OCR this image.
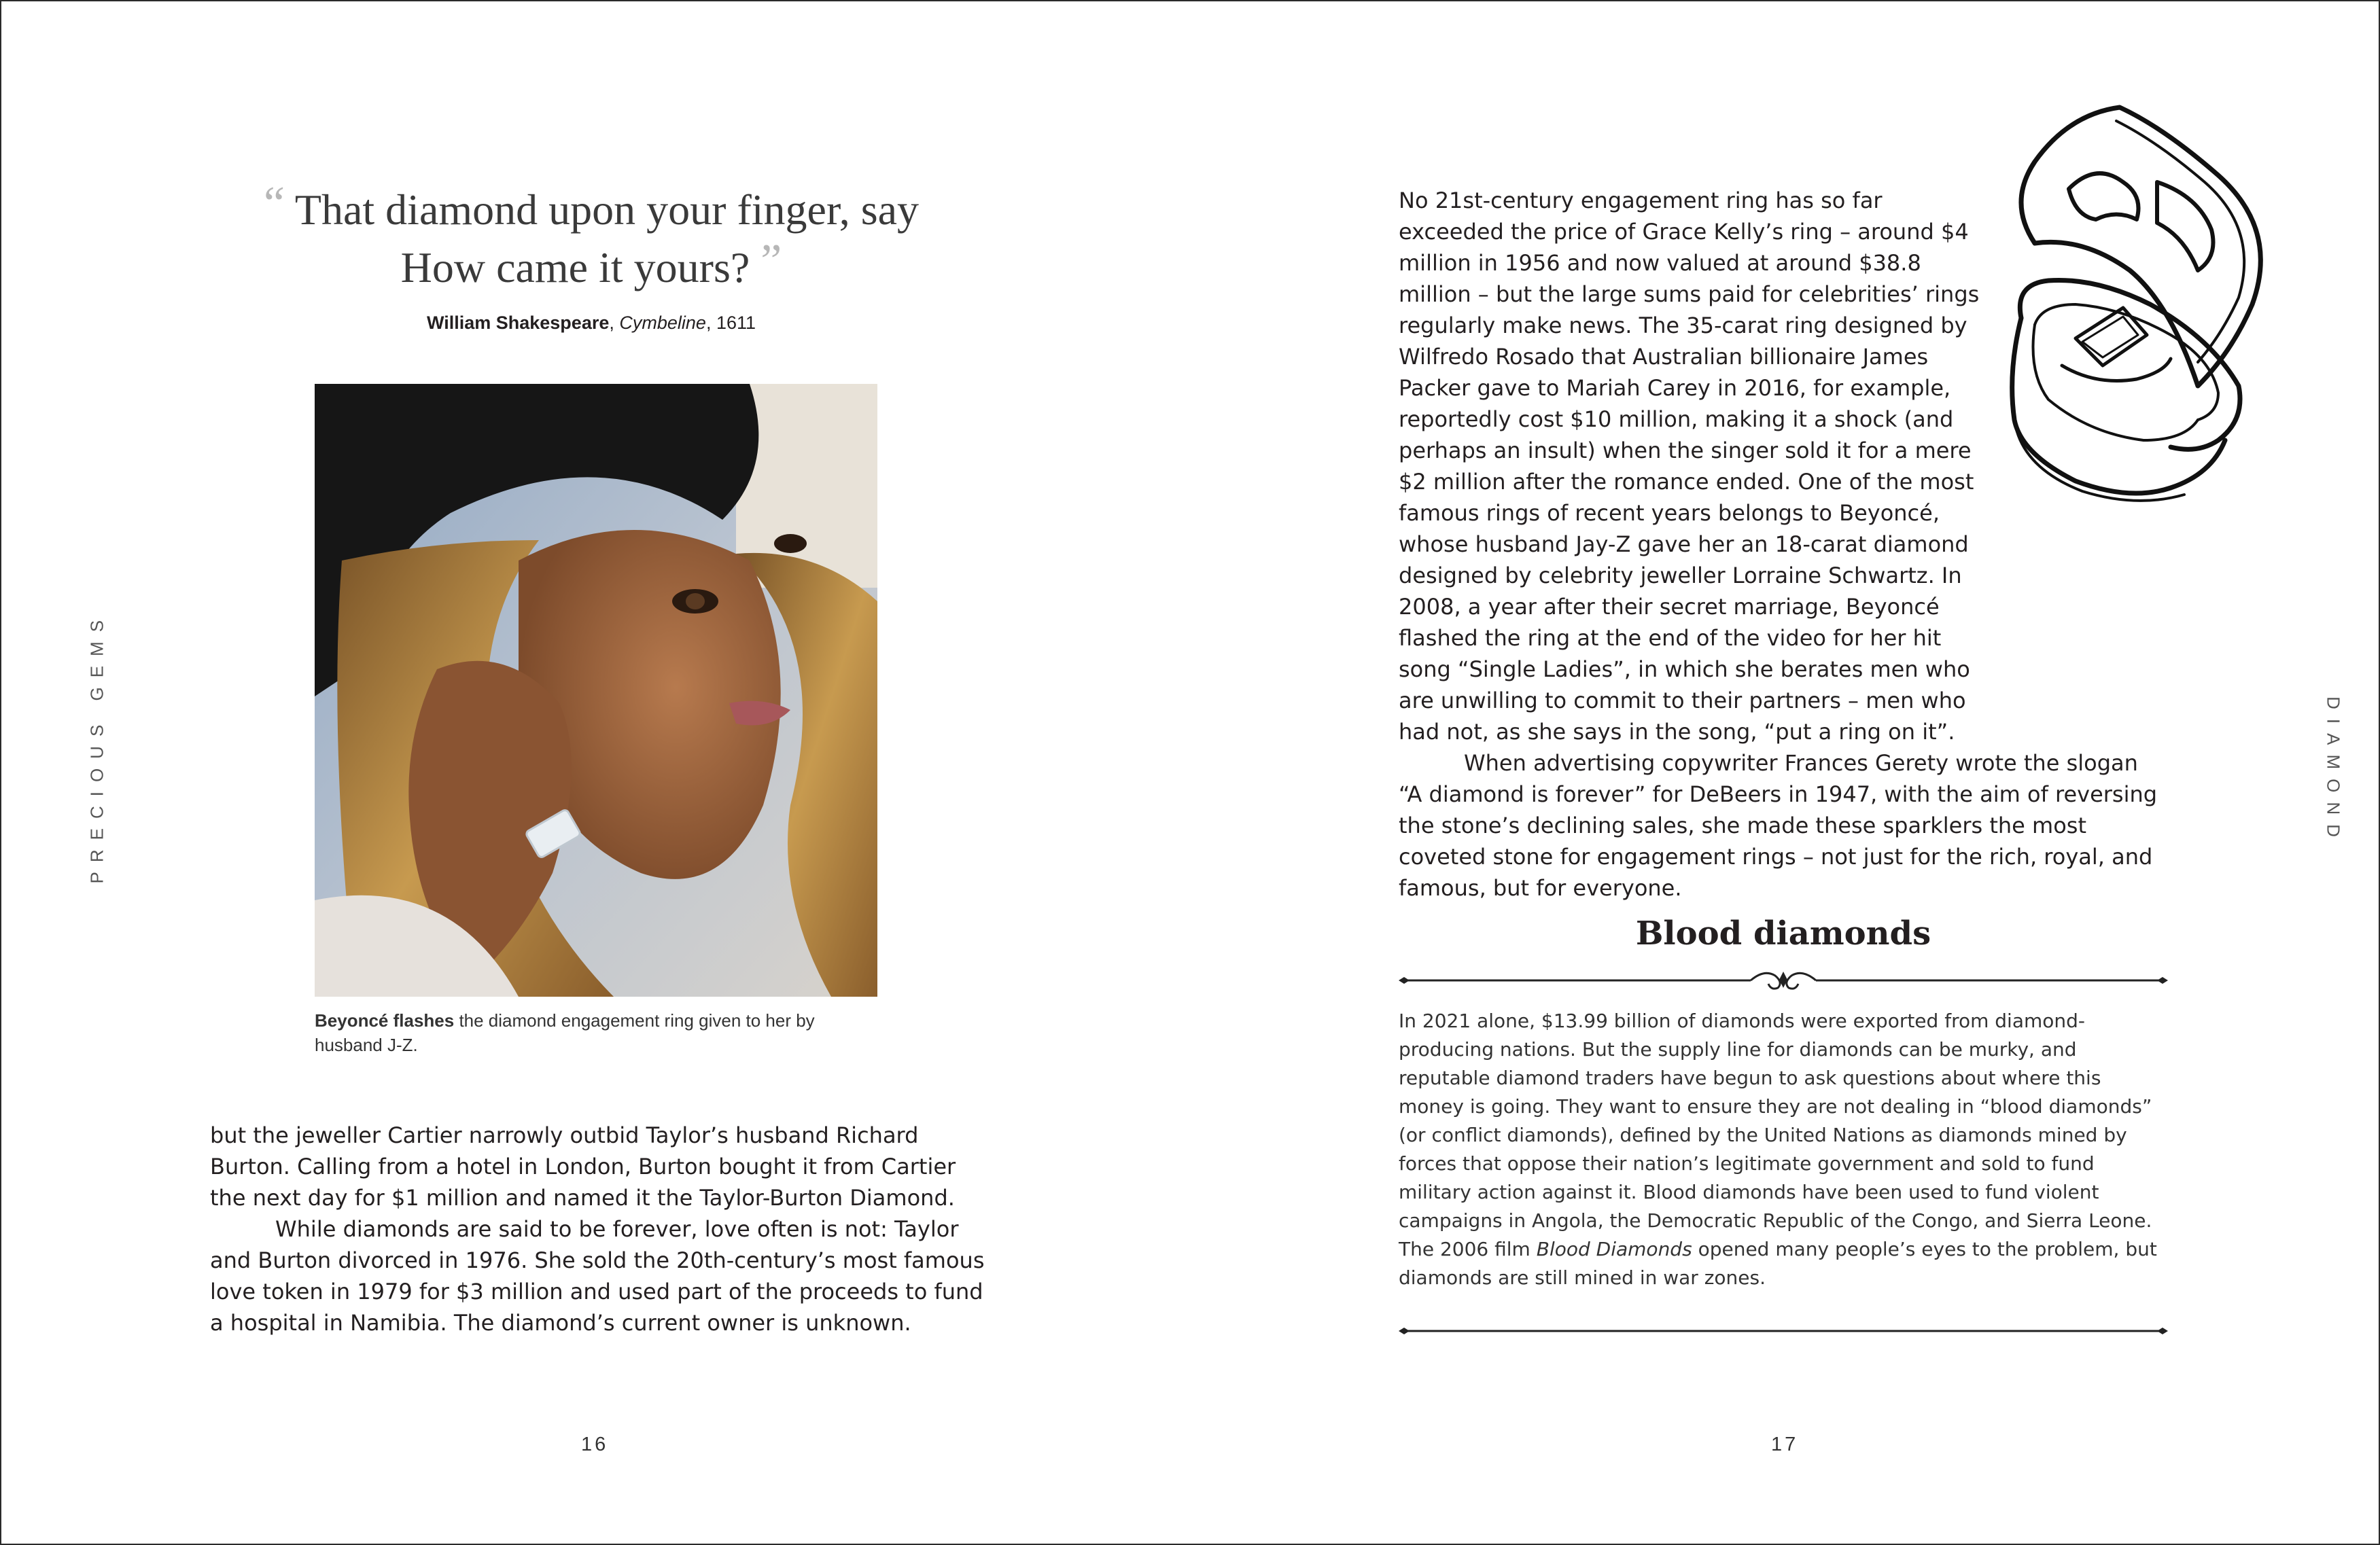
PRECIOUS GEMS
“ That diamond upon your finger, say How came it yours? ”
William Shakespeare, Cymbeline, 1611
Beyoncé flashes the diamond engagement ring given to her by husband J-Z.

but the jeweller Cartier narrowly outbid Taylor’s husband Richard Burton. Calling from a hotel in London, Burton bought it from Cartier the next day for $1 million and named it the Taylor-Burton Diamond.

While diamonds are said to be forever, love often is not: Taylor and Burton divorced in 1976. She sold the 20th-century’s most famous love token in 1979 for $3 million and used part of the proceeds to fund a hospital in Namibia. The diamond’s current owner is unknown.

16
DIAMOND

No 21st-century engagement ring has so far exceeded the price of Grace Kelly’s ring – around $4 million in 1956 and now valued at around $38.8 million – but the large sums paid for celebrities’ rings regularly make news. The 35-carat ring designed by Wilfredo Rosado that Australian billionaire James Packer gave to Mariah Carey in 2016, for example, reportedly cost $10 million, making it a shock (and perhaps an insult) when the singer sold it for a mere $2 million after the romance ended. One of the most famous rings of recent years belongs to Beyoncé, whose husband Jay-Z gave her an 18-carat diamond designed by celebrity jeweller Lorraine Schwartz. In 2008, a year after their secret marriage, Beyoncé flashed the ring at the end of the video for her hit song “Single Ladies”, in which she berates men who are unwilling to commit to their partners – men who had not, as she says in the song, “put a ring on it”.

When advertising copywriter Frances Gerety wrote the slogan “A diamond is forever” for DeBeers in 1947, with the aim of reversing the stone’s declining sales, she made these sparklers the most coveted stone for engagement rings – not just for the rich, royal, and famous, but for everyone.

Blood diamonds
In 2021 alone, $13.99 billion of diamonds were exported from diamond-producing nations. But the supply line for diamonds can be murky, and reputable diamond traders have begun to ask questions about where this money is going. They want to ensure they are not dealing in “blood diamonds” (or conflict diamonds), defined by the United Nations as diamonds mined by forces that oppose their nation’s legitimate government and sold to fund military action against it. Blood diamonds have been used to fund violent campaigns in Angola, the Democratic Republic of the Congo, and Sierra Leone. The 2006 film Blood Diamonds opened many people’s eyes to the problem, but diamonds are still mined in war zones.
17
